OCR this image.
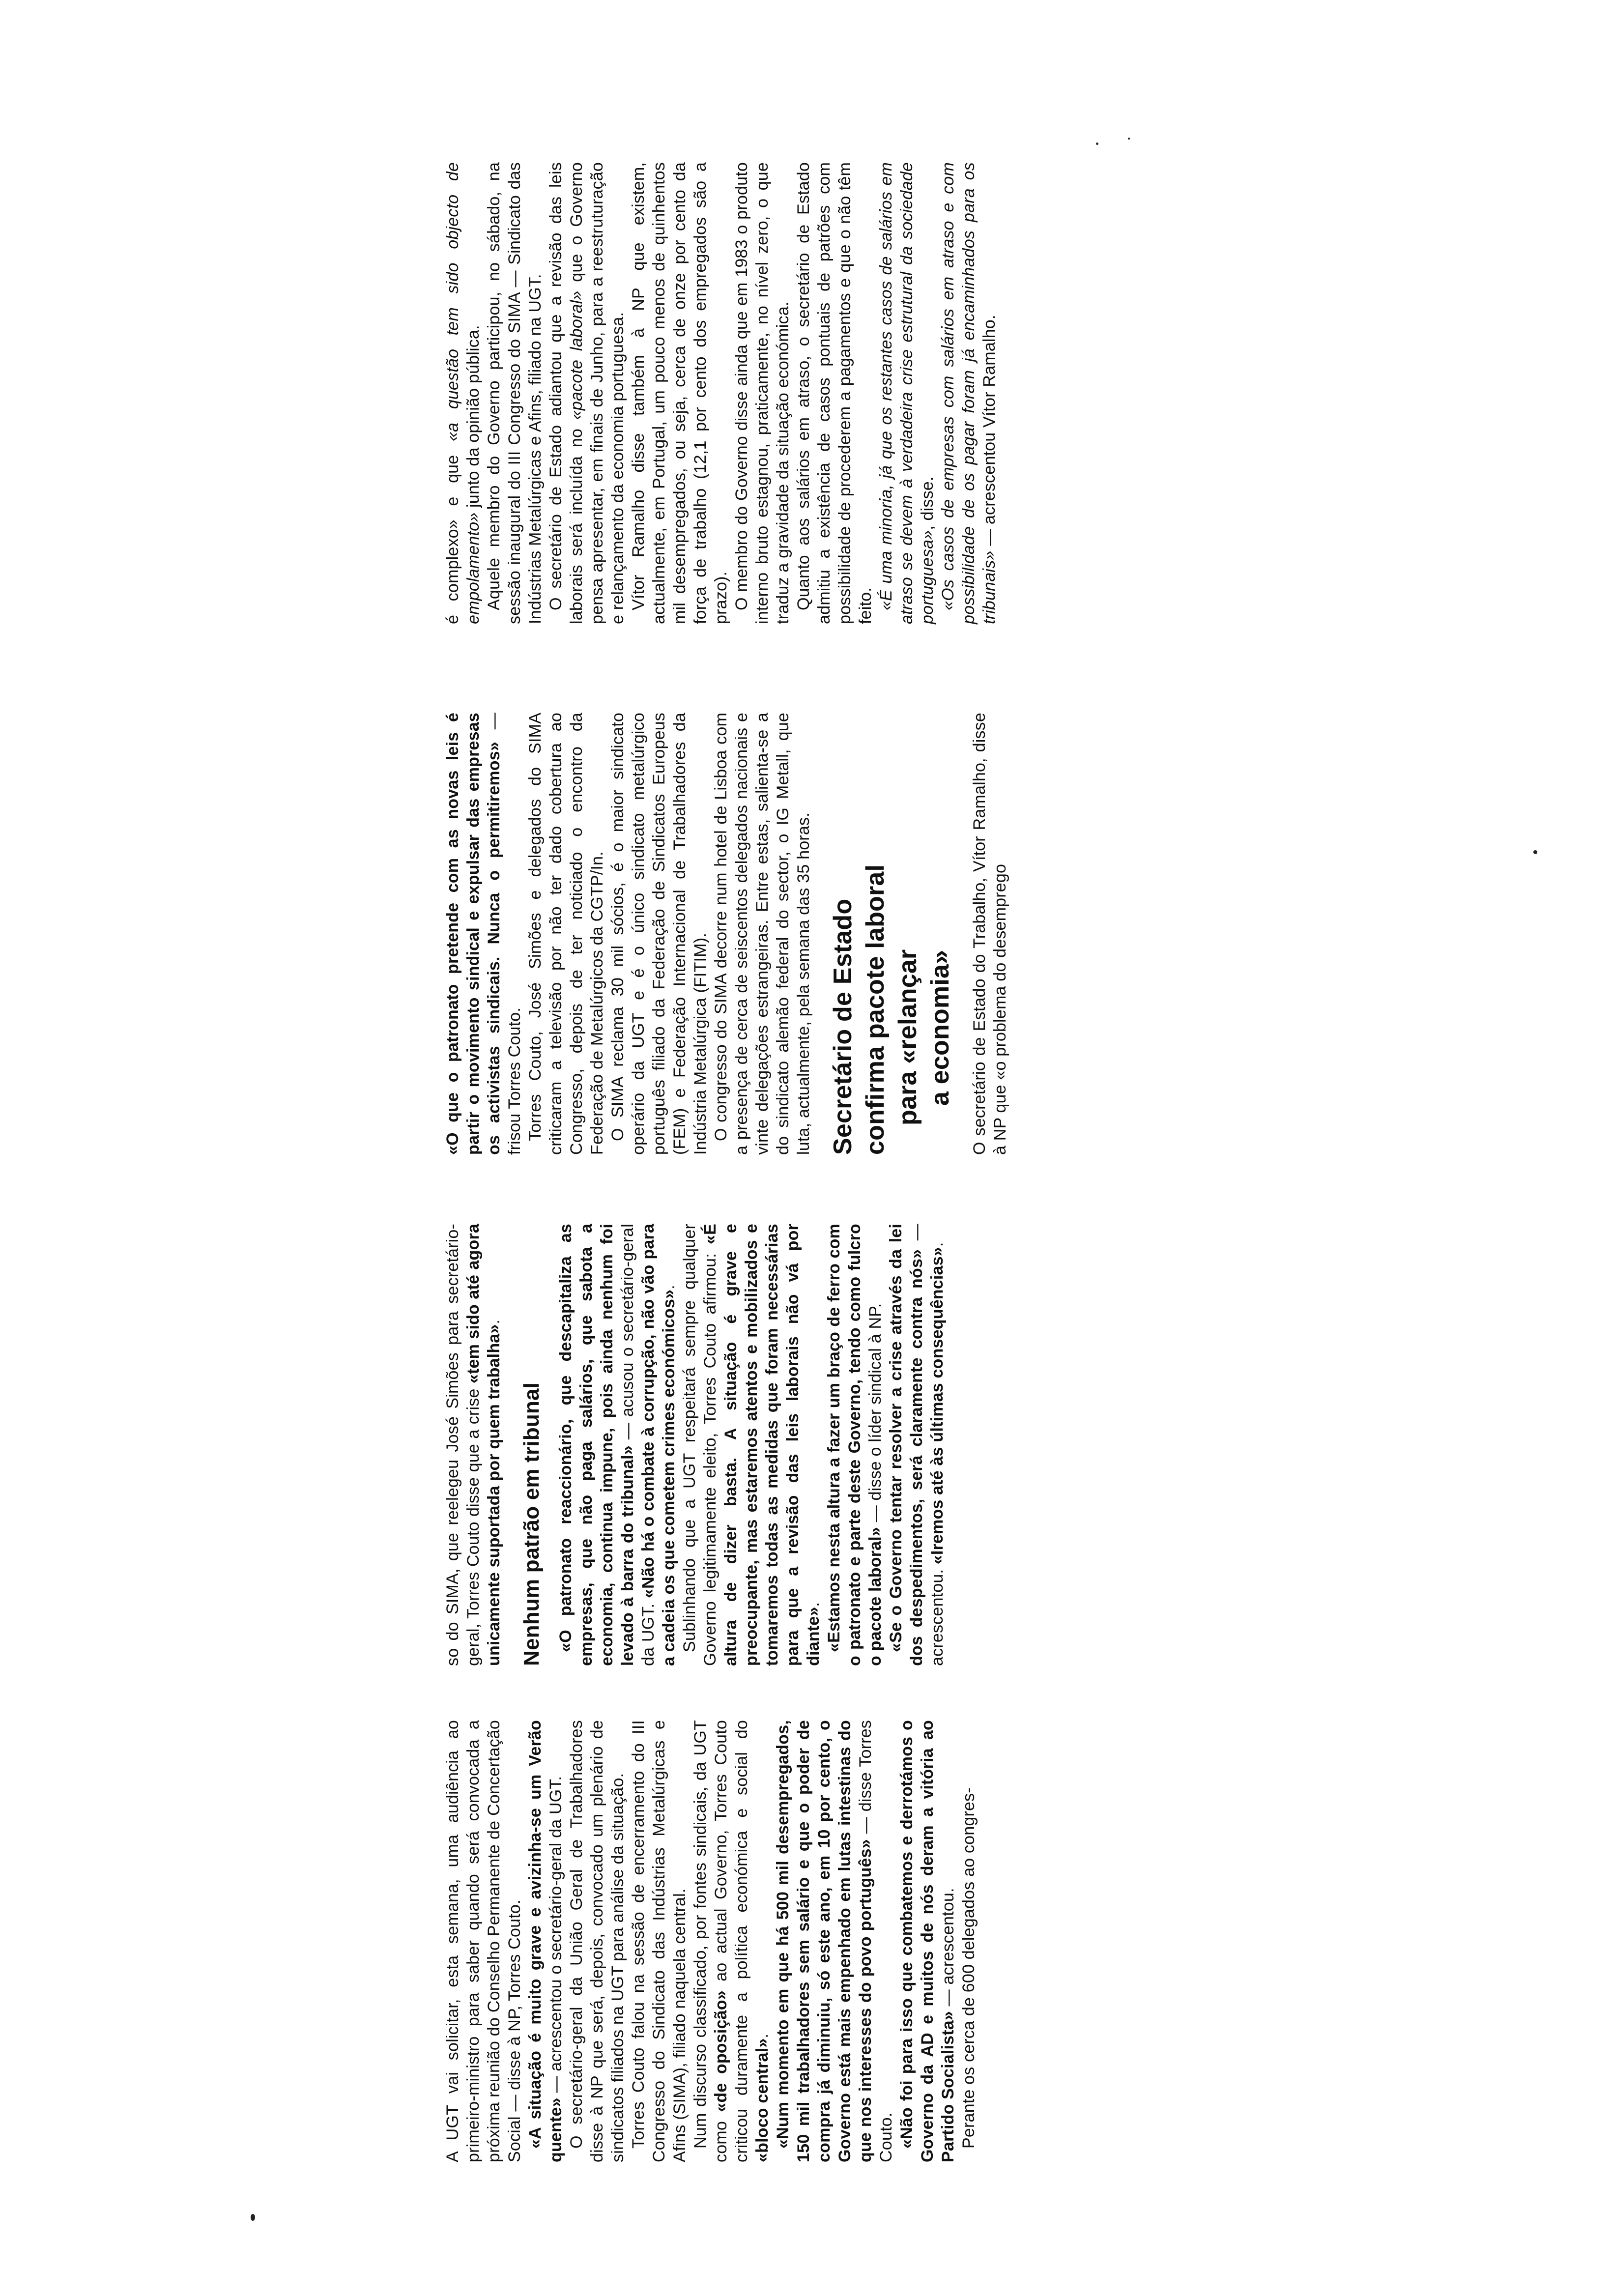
A UGT vai solicitar, esta semana, uma audiência ao primeiro-ministro para saber quando será convocada a próxima reunião do Conselho Permanente de Concertação Social — disse à NP, Torres Couto. «A situação é muito grave e avizinha-se um Verão quente» — acrescentou o secretário-geral da UGT. O secretário-geral da União Geral de Trabalhadores disse à NP que será, depois, convocado um plenário de sindicatos filiados na UGT para análise da situação. Torres Couto falou na sessão de encerramento do III Congresso do Sindicato das Indústrias Metalúrgicas e Afins (SIMA), filiado naquela central. Num discurso classificado, por fontes sindicais, da UGT como «de oposição» ao actual Governo, Torres Couto criticou duramente a política económica e social do «bloco central». «Num momento em que há 500 mil desempregados, 150 mil trabalhadores sem salário e que o poder de compra já diminuiu, só este ano, em 10 por cento, o Governo está mais empenhado em lutas intestinas do que nos interesses do povo português» — disse Torres Couto. «Não foi para isso que combatemos e derrotámos o Governo da AD e muitos de nós deram a vitória ao Partido Socialista» — acrescentou. Perante os cerca de 600 delegados ao congres-

so do SIMA, que reelegeu José Simões para secretário-geral, Torres Couto disse que a crise «tem sido até agora unicamente suportada por quem trabalha».

Nenhum patrão em tribunal «O patronato reaccionário, que descapitaliza as empresas, que não paga salários, que sabota a economia, continua impune, pois ainda nenhum foi levado à barra do tribunal» — acusou o secretário-geral da UGT. «Não há o combate à corrupção, não vão para a cadeia os que cometem crimes económicos». Sublinhando que a UGT respeitará sempre qualquer Governo legitimamente eleito, Torres Couto afirmou: «É altura de dizer basta. A situação é grave e preocupante, mas estaremos atentos e mobilizados e tomaremos todas as medidas que foram necessárias para que a revisão das leis laborais não vá por diante». «Estamos nesta altura a fazer um braço de ferro com o patronato e parte deste Governo, tendo como fulcro o pacote laboral» — disse o líder sindical à NP. «Se o Governo tentar resolver a crise através da lei dos despedimentos, será claramente contra nós» — acrescentou. «Iremos até às últimas consequências».

«O que o patronato pretende com as novas leis é partir o movimento sindical e expulsar das empresas os activistas sindicais. Nunca o permitiremos» — frisou Torres Couto. Torres Couto, José Simões e delegados do SIMA criticaram a televisão por não ter dado cobertura ao Congresso, depois de ter noticiado o encontro da Federação de Metalúrgicos da CGTP/In. O SIMA reclama 30 mil sócios, é o maior sindicato operário da UGT e é o único sindicato metalúrgico português filiado da Federação de Sindicatos Europeus (FEM) e Federação Internacional de Trabalhadores da Indústria Metalúrgica (FITIM). O congresso do SIMA decorre num hotel de Lisboa com a presença de cerca de seiscentos delegados nacionais e vinte delegações estrangeiras. Entre estas, salienta-se a do sindicato alemão federal do sector, o IG Metall, que luta, actualmente, pela semana das 35 horas. Secretário de Estado confirma pacote laboral para «relançar a economia» O secretário de Estado do Trabalho, Vítor Ramalho, disse à NP que «o problema do desemprego

é complexo» e que «a questão tem sido objecto de empolamento» junto da opinião pública. Aquele membro do Governo participou, no sábado, na sessão inaugural do III Congresso do SIMA — Sindicato das Indústrias Metalúrgicas e Afins, filiado na UGT. O secretário de Estado adiantou que a revisão das leis laborais será incluída no «pacote laboral» que o Governo pensa apresentar, em finais de Junho, para a reestruturação e relançamento da economia portuguesa. Vítor Ramalho disse também à NP que existem, actualmente, em Portugal, um pouco menos de quinhentos mil desempregados, ou seja, cerca de onze por cento da força de trabalho (12,1 por cento dos empregados são a prazo). O membro do Governo disse ainda que em 1983 o produto interno bruto estagnou, praticamente, no nível zero, o que traduz a gravidade da situação económica. Quanto aos salários em atraso, o secretário de Estado admitiu a existência de casos pontuais de patrões com possibilidade de procederem a pagamentos e que o não têm feito. «É uma minoria, já que os restantes casos de salários em atraso se devem à verdadeira crise estrutural da sociedade portuguesa», disse. «Os casos de empresas com salários em atraso e com possibilidade de os pagar foram já encaminhados para os tribunais» — acrescentou Vítor Ramalho.
